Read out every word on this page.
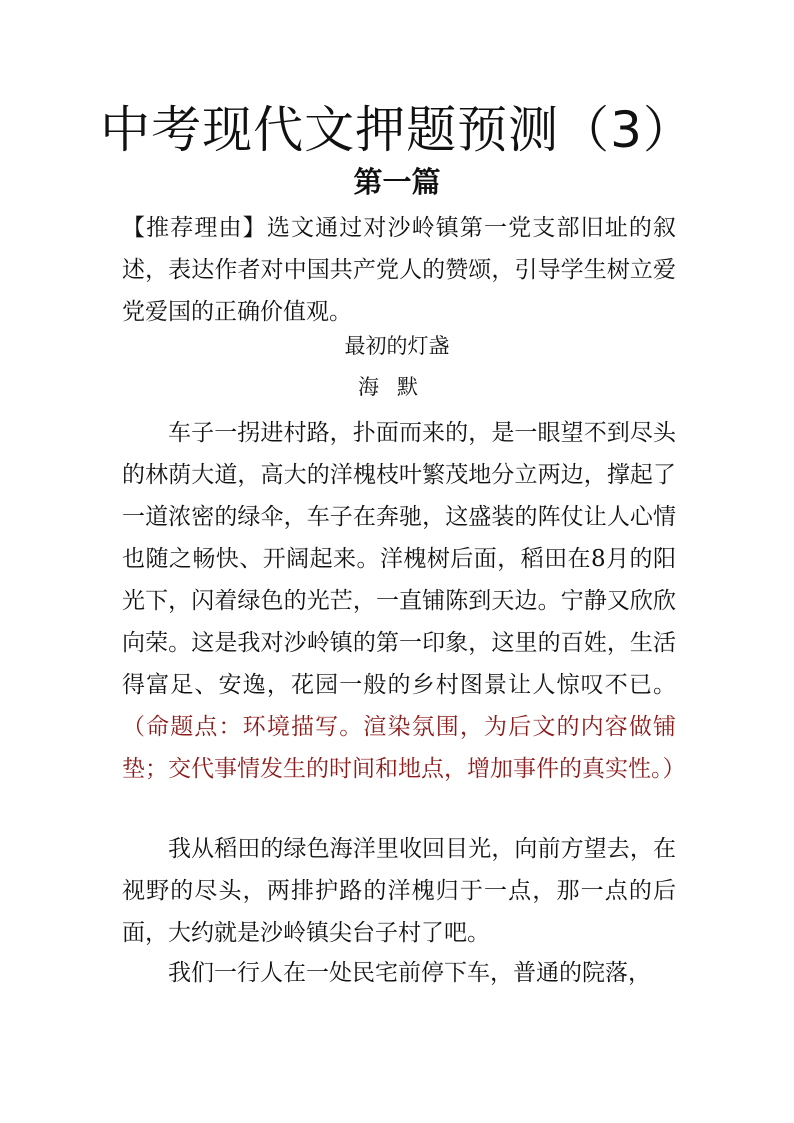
中考现代文押题预测（3）
第一篇

【推荐理由】选文通过对沙岭镇第一党支部旧址的叙述，表达作者对中国共产党人的赞颂，引导学生树立爱党爱国的正确价值观。

最初的灯盏
海默

车子一拐进村路，扑面而来的，是一眼望不到尽头的林荫大道，高大的洋槐枝叶繁茂地分立两边，撑起了一道浓密的绿伞，车子在奔驰，这盛装的阵仗让人心情也随之畅快、开阔起来。洋槐树后面，稻田在8月的阳光下，闪着绿色的光芒，一直铺陈到天边。宁静又欣欣向荣。这是我对沙岭镇的第一印象，这里的百姓，生活得富足、安逸，花园一般的乡村图景让人惊叹不已。（命题点：环境描写。渲染氛围，为后文的内容做铺垫；交代事情发生的时间和地点，增加事件的真实性。）

我从稻田的绿色海洋里收回目光，向前方望去，在视野的尽头，两排护路的洋槐归于一点，那一点的后面，大约就是沙岭镇尖台子村了吧。

我们一行人在一处民宅前停下车，普通的院落，
